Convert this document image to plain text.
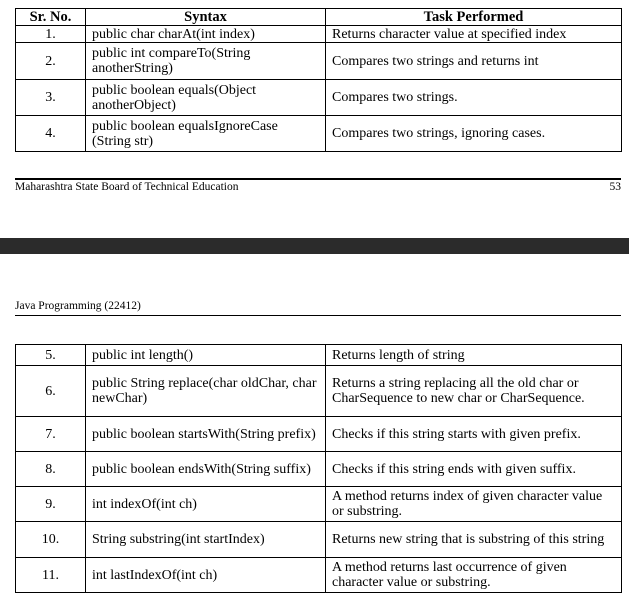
Sr. No.	Syntax	Task Performed
1.	public char charAt(int index)	Returns character value at specified index
2.	public int compareTo(String anotherString)	Compares two strings and returns int
3.	public boolean equals(Object anotherObject)	Compares two strings.
4.	public boolean equalsIgnoreCase (String str)	Compares two strings, ignoring cases.
Maharashtra State Board of Technical Education	53
Java Programming (22412)
5.	public int length()	Returns length of string
6.	public String replace(char oldChar, char newChar)	Returns a string replacing all the old char or CharSequence to new char or CharSequence.
7.	public boolean startsWith(String prefix)	Checks if this string starts with given prefix.
8.	public boolean endsWith(String suffix)	Checks if this string ends with given suffix.
9.	int indexOf(int ch)	A method returns index of given character value or substring.
10.	String substring(int startIndex)	Returns new string that is substring of this string
11.	int lastIndexOf(int ch)	A method returns last occurrence of given character value or substring.
